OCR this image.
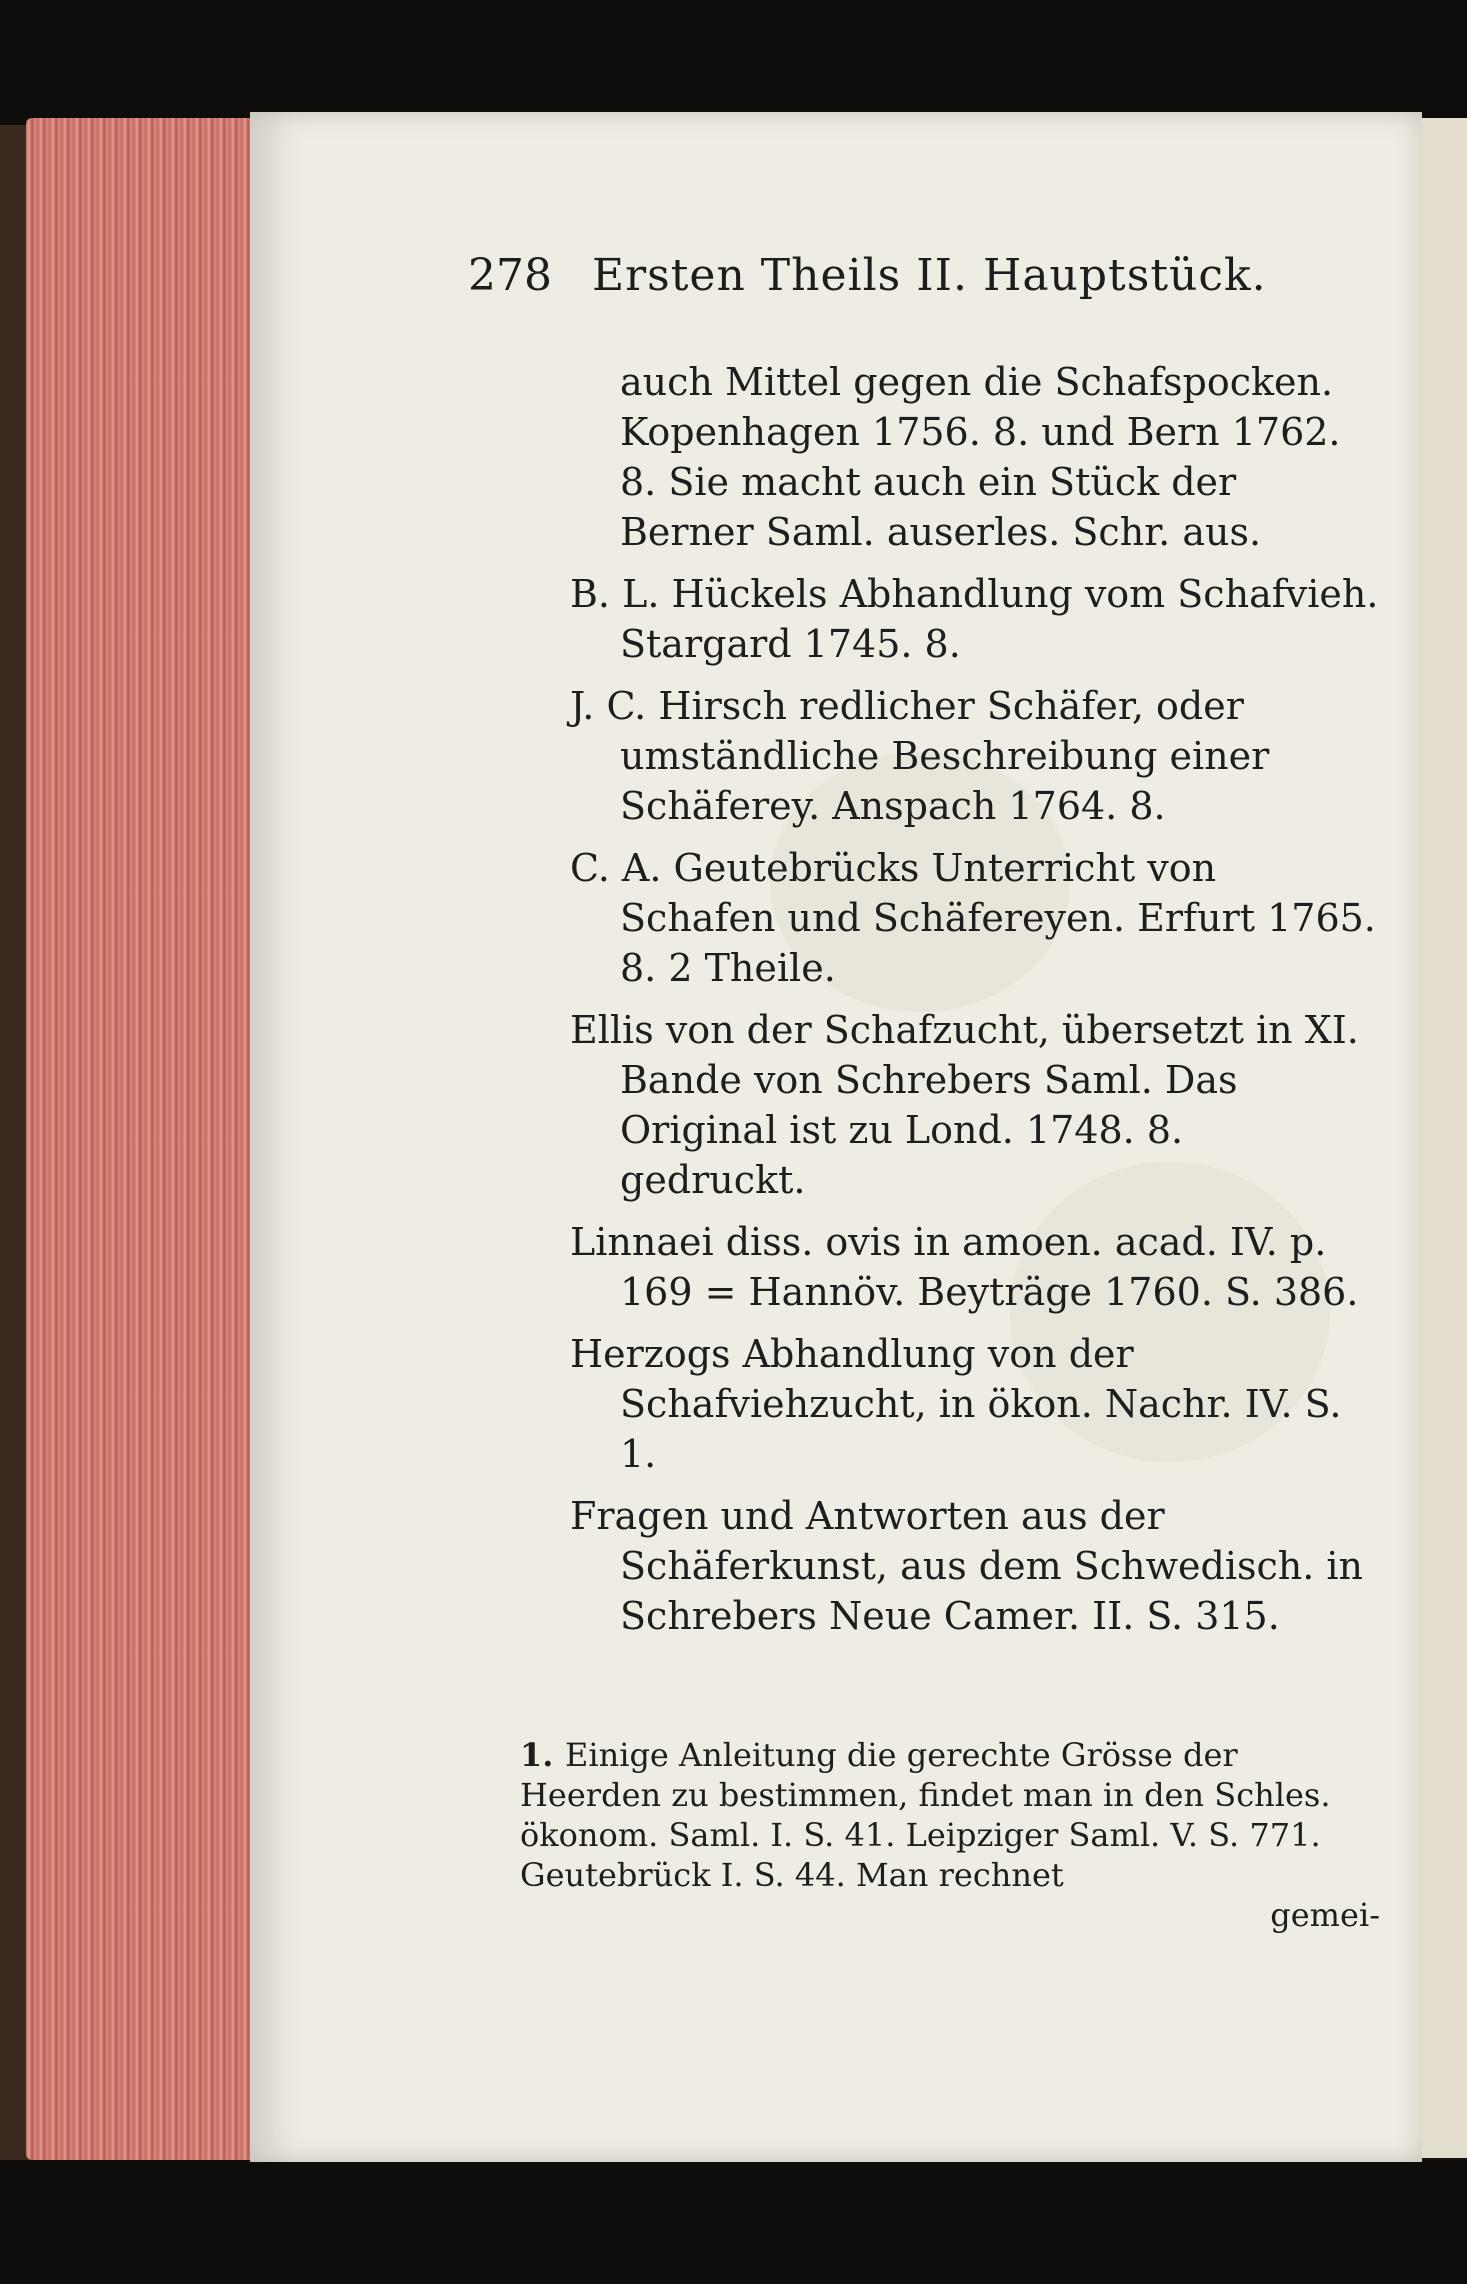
278 Ersten Theils II. Hauptstück.
auch Mittel gegen die Schafspocken. Kopenhagen 1756. 8. und Bern 1762. 8. Sie macht auch ein Stück der Berner Saml. auserles. Schr. aus.
B. L. Hückels Abhandlung vom Schafvieh. Stargard 1745. 8.
J. C. Hirsch redlicher Schäfer, oder umständliche Beschreibung einer Schäferey. Anspach 1764. 8.
C. A. Geutebrücks Unterricht von Schafen und Schäfereyen. Erfurt 1765. 8. 2 Theile.
Ellis von der Schafzucht, übersetzt in XI. Bande von Schrebers Saml. Das Original ist zu Lond. 1748. 8. gedruckt.
Linnaei diss. ovis in amoen. acad. IV. p. 169 = Hannöv. Beyträge 1760. S. 386.
Herzogs Abhandlung von der Schafviehzucht, in ökon. Nachr. IV. S. 1.
Fragen und Antworten aus der Schäferkunst, aus dem Schwedisch. in Schrebers Neue Camer. II. S. 315.
1. Einige Anleitung die gerechte Grösse der Heerden zu bestimmen, findet man in den Schles. ökonom. Saml. I. S. 41. Leipziger Saml. V. S. 771. Geutebrück I. S. 44. Man rechnet
gemei-
